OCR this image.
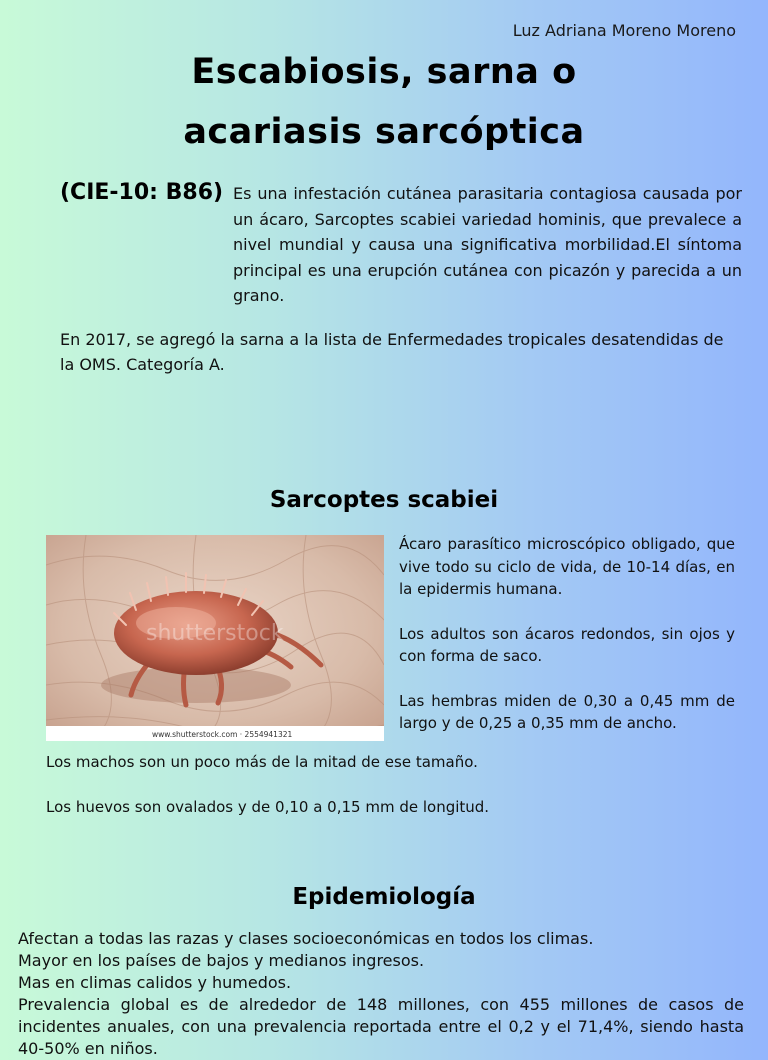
Luz Adriana Moreno Moreno
Escabiosis, sarna o
acariasis sarcóptica
(CIE-10: B86) Es una infestación cutánea parasitaria contagiosa causada por un ácaro, Sarcoptes scabiei variedad hominis, que prevalece a nivel mundial y causa una significativa morbilidad.El síntoma principal es una erupción cutánea con picazón y parecida a un grano.
En 2017, se agregó la sarna a la lista de Enfermedades tropicales desatendidas de la OMS. Categoría A.
Sarcoptes scabiei
shutterstock
www.shutterstock.com · 2554941321

Ácaro parasítico microscópico obligado, que vive todo su ciclo de vida, de 10-14 días, en la epidermis humana.

Los adultos son ácaros redondos, sin ojos y con forma de saco.

Las hembras miden de 0,30 a 0,45 mm de largo y de 0,25 a 0,35 mm de ancho.

Los machos son un poco más de la mitad de ese tamaño.

Los huevos son ovalados y de 0,10 a 0,15 mm de longitud.

Epidemiología
Afectan a todas las razas y clases socioeconómicas en todos los climas.
Mayor en los países de bajos y medianos ingresos.
Mas en climas calidos y humedos.
Prevalencia global es de alrededor de 148 millones, con 455 millones de casos de incidentes anuales, con una prevalencia reportada entre el 0,2 y el 71,4%, siendo hasta 40-50% en niños.
